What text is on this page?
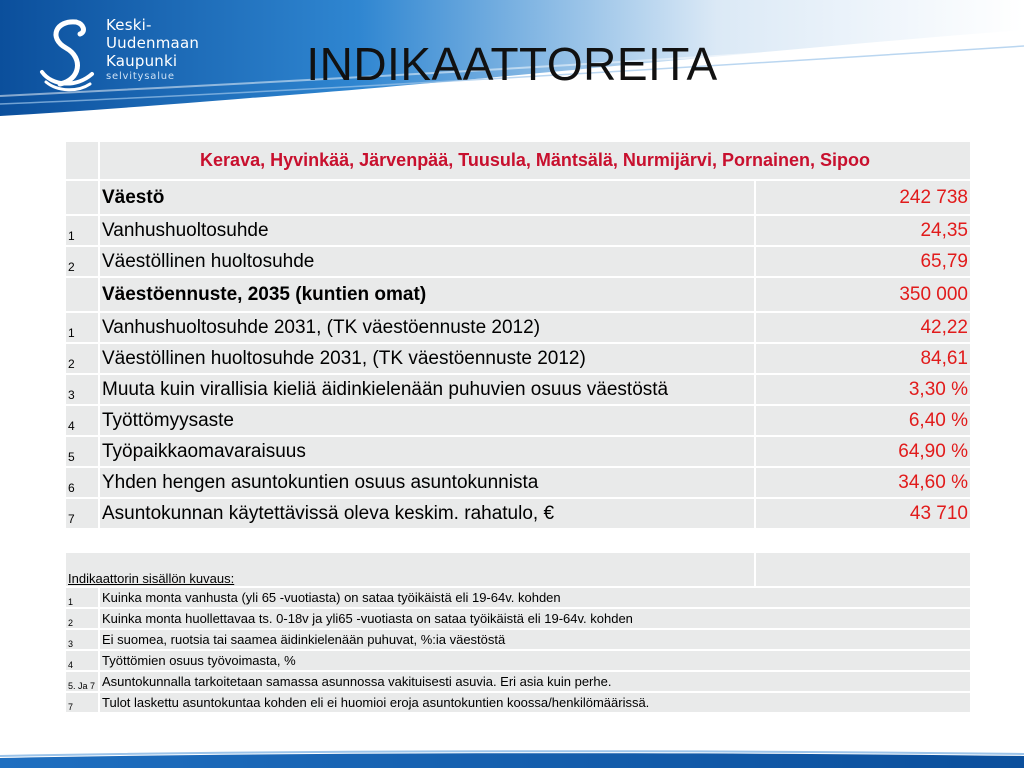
Keski-
Uudenmaan
Kaupunki
selvitysalue	INDIKAATTOREITA
	Kerava, Hyvinkää, Järvenpää, Tuusula, Mäntsälä, Nurmijärvi, Pornainen, Sipoo	
	Väestö	242 738
1	Vanhushuoltosuhde	24,35
2	Väestöllinen huoltosuhde	65,79
	Väestöennuste, 2035 (kuntien omat)	350 000
1	Vanhushuoltosuhde 2031, (TK väestöennuste 2012)	42,22
2	Väestöllinen huoltosuhde 2031, (TK väestöennuste 2012)	84,61
3	Muuta kuin virallisia kieliä äidinkielenään puhuvien osuus väestöstä	3,30 %
4	Työttömyysaste	6,40 %
5	Työpaikkaomavaraisuus	64,90 %
6	Yhden hengen asuntokuntien osuus asuntokunnista	34,60 %
7	Asuntokunnan käytettävissä oleva keskim. rahatulo, €	43 710
Indikaattorin sisällön kuvaus:		
1	Kuinka monta vanhusta (yli 65 -vuotiasta) on sataa työikäistä eli 19-64v. kohden	
2	Kuinka monta huollettavaa ts. 0-18v ja yli65 -vuotiasta on sataa työikäistä eli 19-64v. kohden	
3	Ei suomea, ruotsia tai saamea äidinkielenään puhuvat, %:ia väestöstä	
4	Työttömien osuus työvoimasta, %	
5. Ja 7	Asuntokunnalla tarkoitetaan samassa asunnossa vakituisesti asuvia. Eri asia kuin perhe.	
7	Tulot laskettu asuntokuntaa kohden eli ei huomioi eroja asuntokuntien koossa/henkilömäärissä.	
